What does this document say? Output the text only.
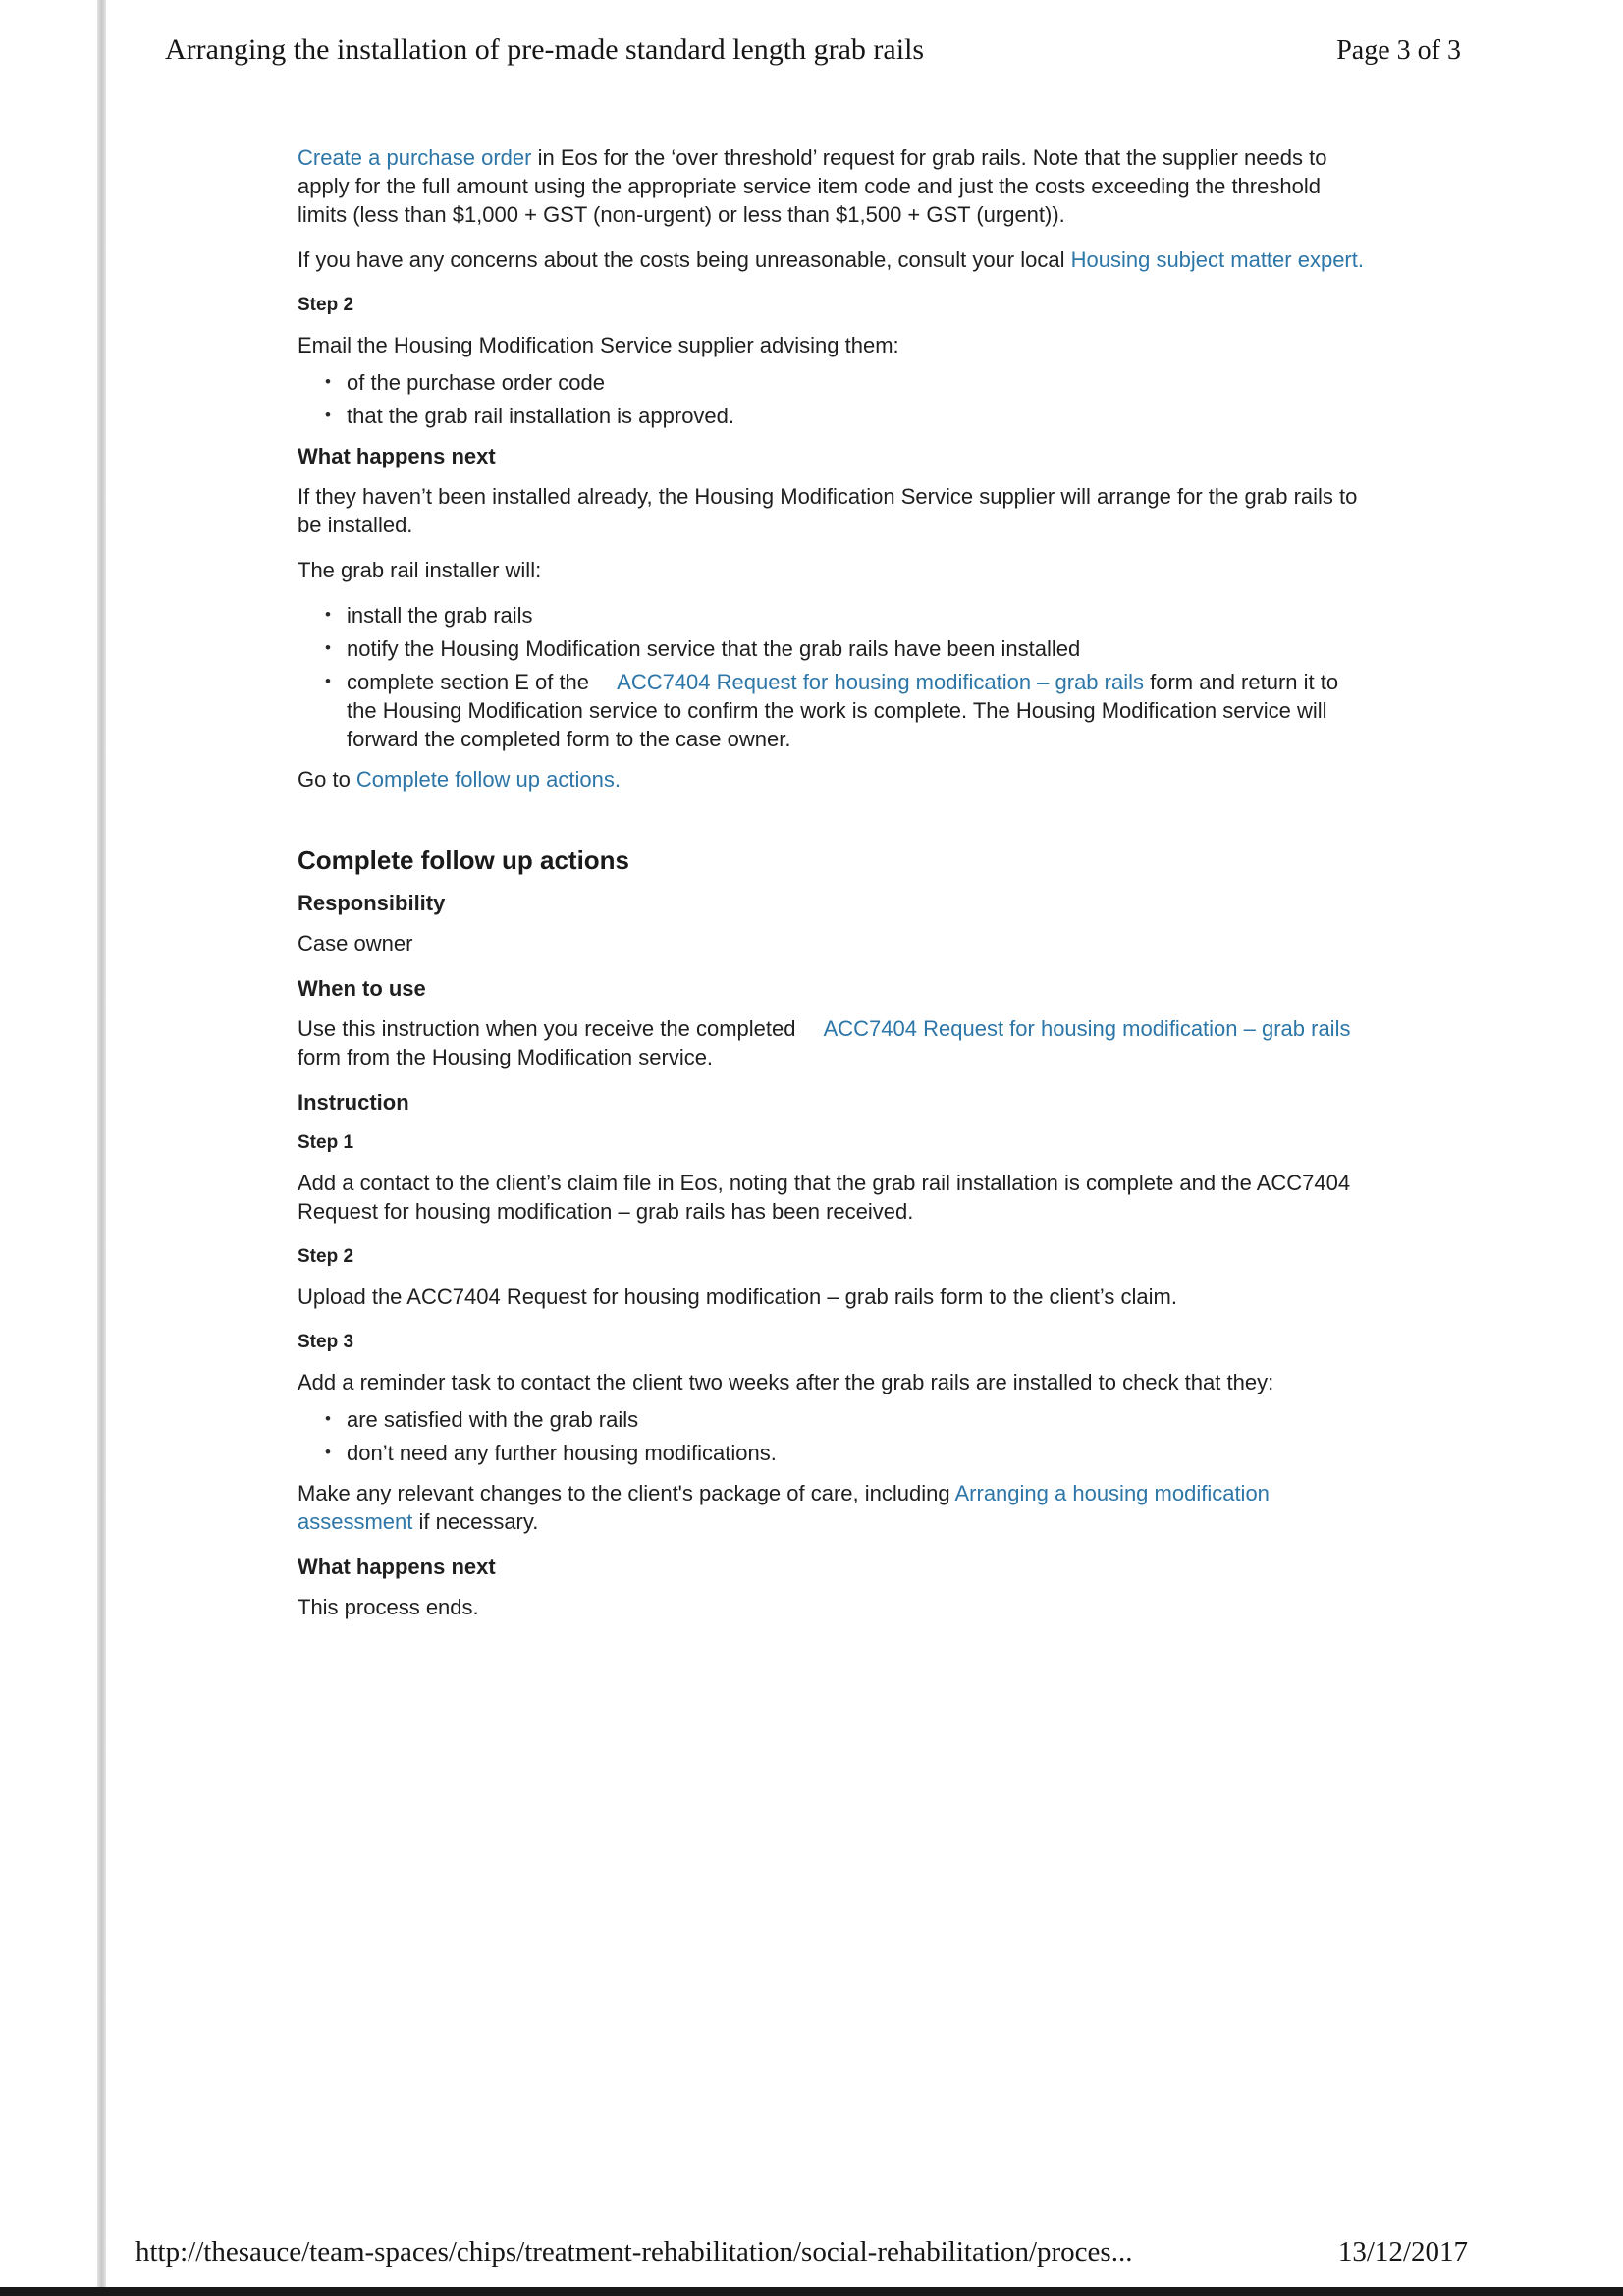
Arranging the installation of pre-made standard length grab rails	Page 3 of 3

Create a purchase order in Eos for the ‘over threshold’ request for grab rails. Note that the supplier needs to apply for the full amount using the appropriate service item code and just the costs exceeding the threshold limits (less than $1,000 + GST (non-urgent) or less than $1,500 + GST (urgent)).

If you have any concerns about the costs being unreasonable, consult your local Housing subject matter expert.

Step 2

Email the Housing Modification Service supplier advising them:

• of the purchase order code
• that the grab rail installation is approved.
What happens next

If they haven’t been installed already, the Housing Modification Service supplier will arrange for the grab rails to be installed.

The grab rail installer will:

• install the grab rails
• notify the Housing Modification service that the grab rails have been installed
• complete section E of the ACC7404 Request for housing modification – grab rails form and return it to the Housing Modification service to confirm the work is complete. The Housing Modification service will forward the completed form to the case owner.

Go to Complete follow up actions.

Complete follow up actions
Responsibility

Case owner

When to use

Use this instruction when you receive the completed ACC7404 Request for housing modification – grab rails form from the Housing Modification service.

Instruction
Step 1

Add a contact to the client’s claim file in Eos, noting that the grab rail installation is complete and the ACC7404 Request for housing modification – grab rails has been received.

Step 2

Upload the ACC7404 Request for housing modification – grab rails form to the client’s claim.

Step 3

Add a reminder task to contact the client two weeks after the grab rails are installed to check that they:

• are satisfied with the grab rails
• don’t need any further housing modifications.

Make any relevant changes to the client's package of care, including Arranging a housing modification assessment if necessary.

What happens next

This process ends.

http://thesauce/team-spaces/chips/treatment-rehabilitation/social-rehabilitation/proces...	13/12/2017
